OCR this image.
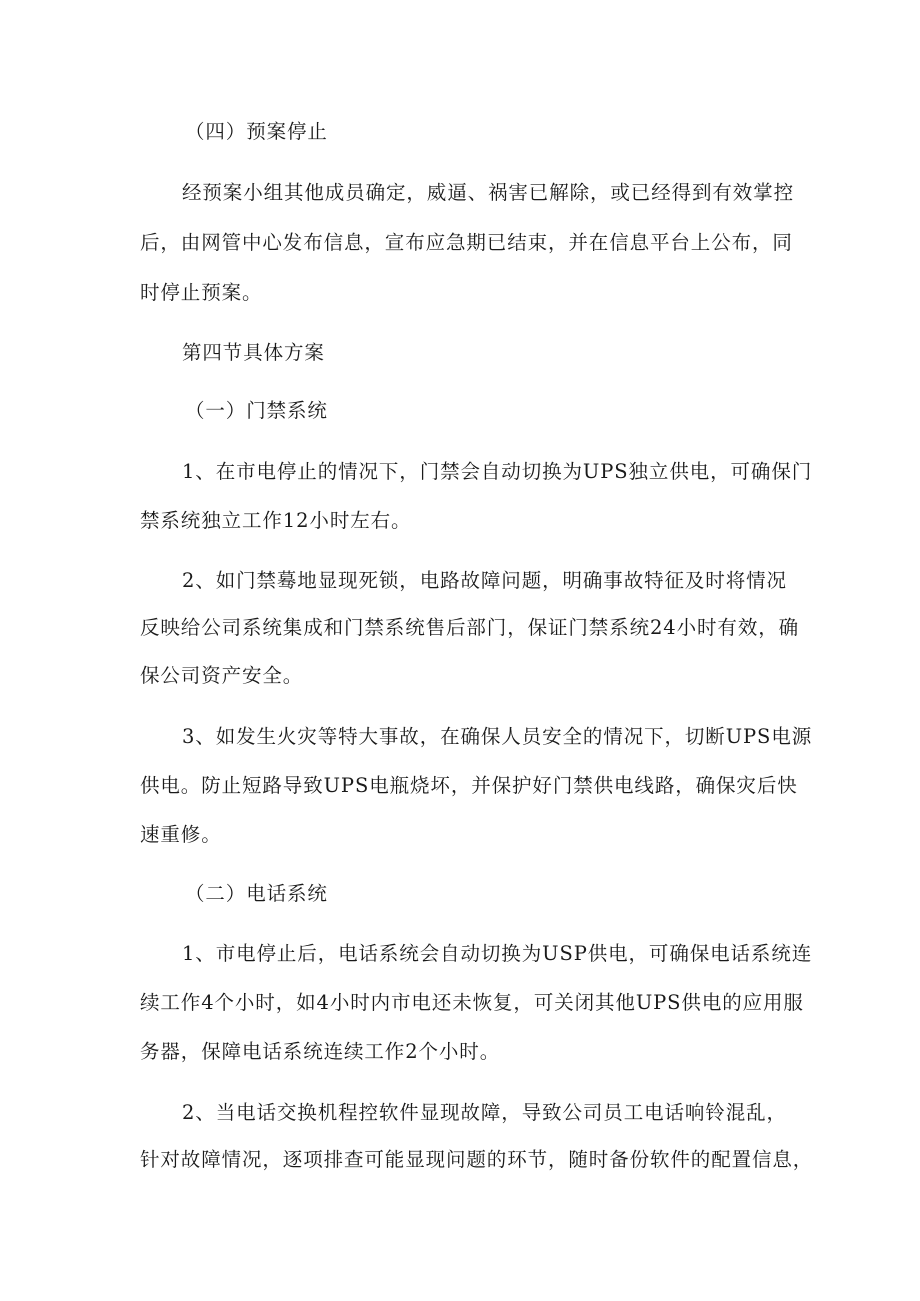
（四）预案停止
经预案小组其他成员确定，威逼、祸害已解除，或已经得到有效掌控
后，由网管中心发布信息，宣布应急期已结束，并在信息平台上公布，同
时停止预案。
第四节具体方案
（一）门禁系统
1、在市电停止的情况下，门禁会自动切换为UPS独立供电，可确保门
禁系统独立工作12小时左右。
2、如门禁蓦地显现死锁，电路故障问题，明确事故特征及时将情况
反映给公司系统集成和门禁系统售后部门，保证门禁系统24小时有效，确
保公司资产安全。
3、如发生火灾等特大事故，在确保人员安全的情况下，切断UPS电源
供电。防止短路导致UPS电瓶烧坏，并保护好门禁供电线路，确保灾后快
速重修。
（二）电话系统
1、市电停止后，电话系统会自动切换为USP供电，可确保电话系统连
续工作4个小时，如4小时内市电还未恢复，可关闭其他UPS供电的应用服
务器，保障电话系统连续工作2个小时。
2、当电话交换机程控软件显现故障，导致公司员工电话响铃混乱，
针对故障情况，逐项排查可能显现问题的环节，随时备份软件的配置信息，
